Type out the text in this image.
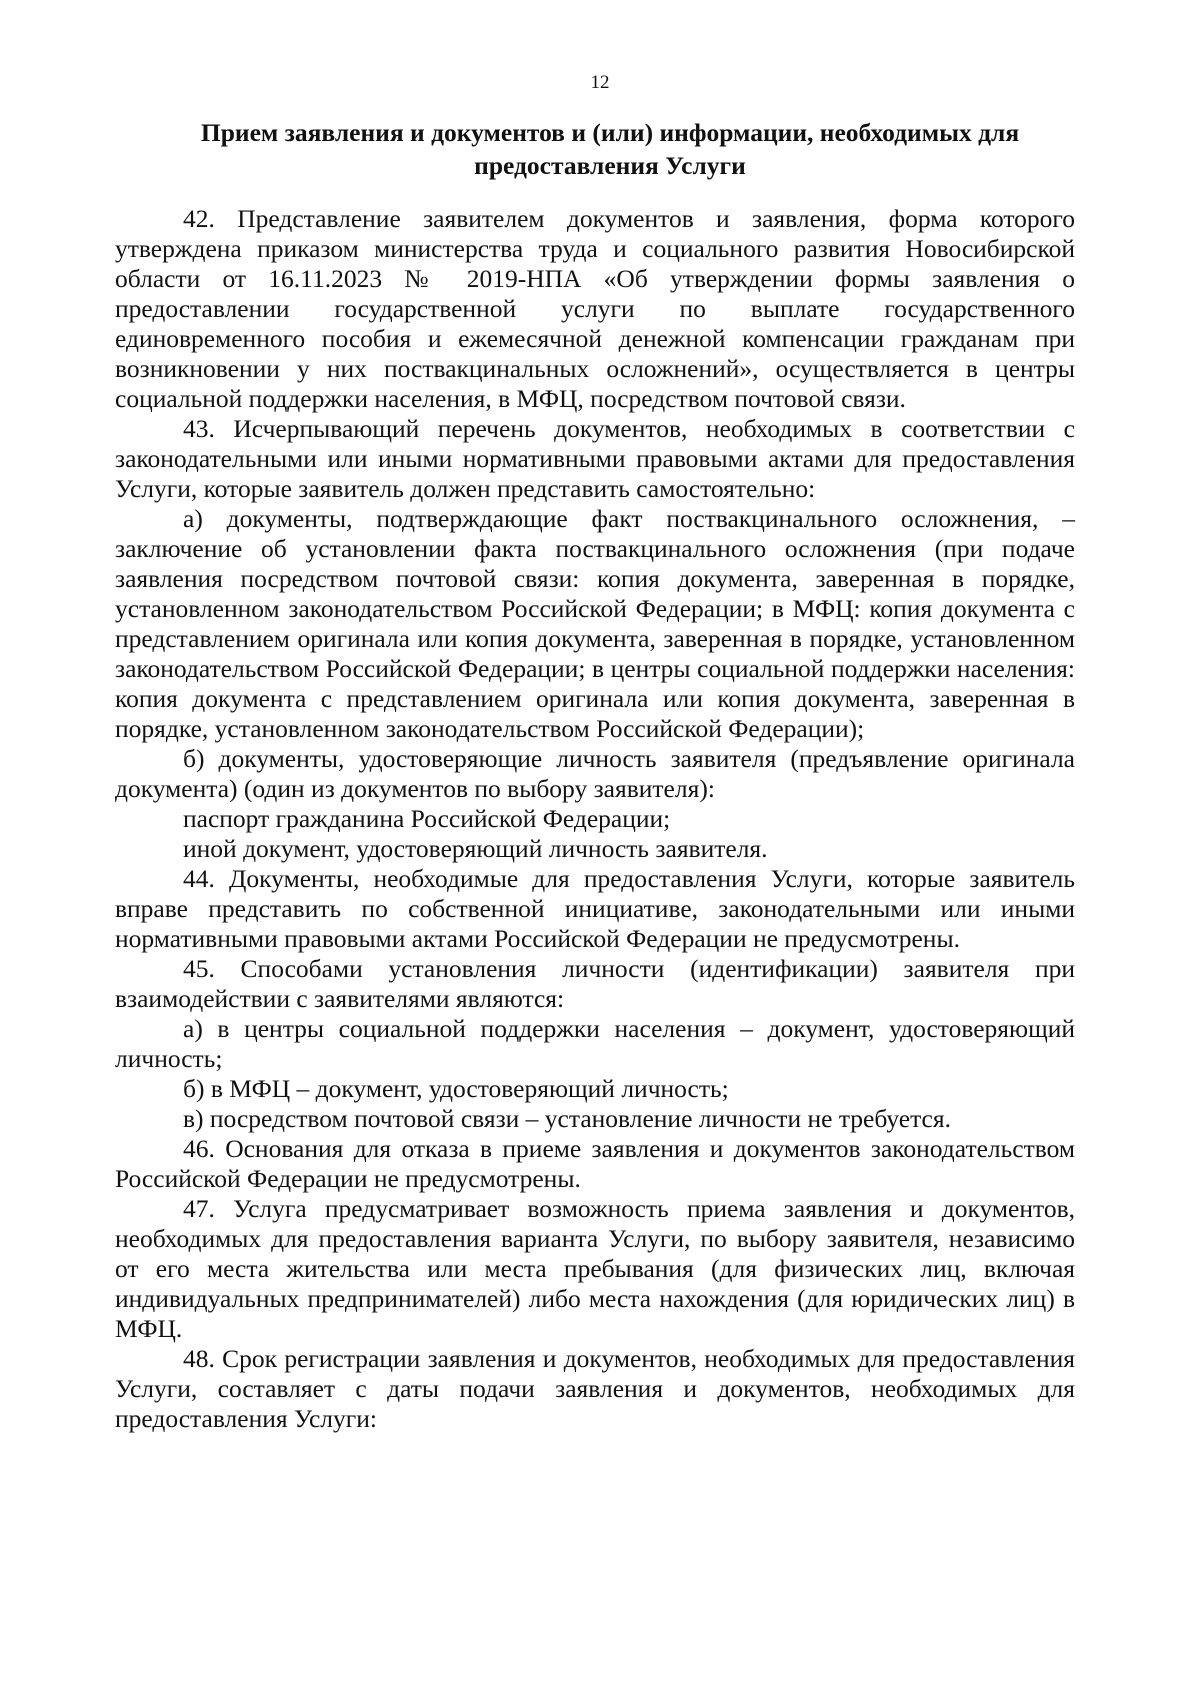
12
Прием заявления и документов и (или) информации, необходимых для предоставления Услуги

42. Представление заявителем документов и заявления, форма которого утверждена приказом министерства труда и социального развития Новосибирской области от 16.11.2023 № 2019-НПА «Об утверждении формы заявления о предоставлении государственной услуги по выплате государственного единовременного пособия и ежемесячной денежной компенсации гражданам при возникновении у них поствакцинальных осложнений», осуществляется в центры социальной поддержки населения, в МФЦ, посредством почтовой связи.

43. Исчерпывающий перечень документов, необходимых в соответствии с законодательными или иными нормативными правовыми актами для предоставления Услуги, которые заявитель должен представить самостоятельно:

а) документы, подтверждающие факт поствакцинального осложнения, – заключение об установлении факта поствакцинального осложнения (при подаче заявления посредством почтовой связи: копия документа, заверенная в порядке, установленном законодательством Российской Федерации; в МФЦ: копия документа с представлением оригинала или копия документа, заверенная в порядке, установленном законодательством Российской Федерации; в центры социальной поддержки населения: копия документа с представлением оригинала или копия документа, заверенная в порядке, установленном законодательством Российской Федерации);

б) документы, удостоверяющие личность заявителя (предъявление оригинала документа) (один из документов по выбору заявителя):

паспорт гражданина Российской Федерации;

иной документ, удостоверяющий личность заявителя.

44. Документы, необходимые для предоставления Услуги, которые заявитель вправе представить по собственной инициативе, законодательными или иными нормативными правовыми актами Российской Федерации не предусмотрены.

45. Способами установления личности (идентификации) заявителя при взаимодействии с заявителями являются:

а) в центры социальной поддержки населения – документ, удостоверяющий личность;

б) в МФЦ – документ, удостоверяющий личность;

в) посредством почтовой связи – установление личности не требуется.

46. Основания для отказа в приеме заявления и документов законодательством Российской Федерации не предусмотрены.

47. Услуга предусматривает возможность приема заявления и документов, необходимых для предоставления варианта Услуги, по выбору заявителя, независимо от его места жительства или места пребывания (для физических лиц, включая индивидуальных предпринимателей) либо места нахождения (для юридических лиц) в МФЦ.

48. Срок регистрации заявления и документов, необходимых для предоставления Услуги, составляет с даты подачи заявления и документов, необходимых для предоставления Услуги:
